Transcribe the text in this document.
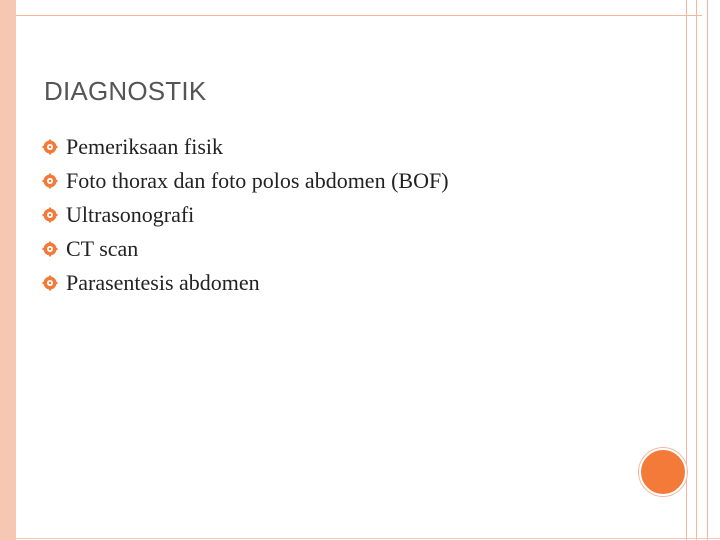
DIAGNOSTIK
Pemeriksaan fisik
Foto thorax dan foto polos abdomen (BOF)
Ultrasonografi
CT scan
Parasentesis abdomen
